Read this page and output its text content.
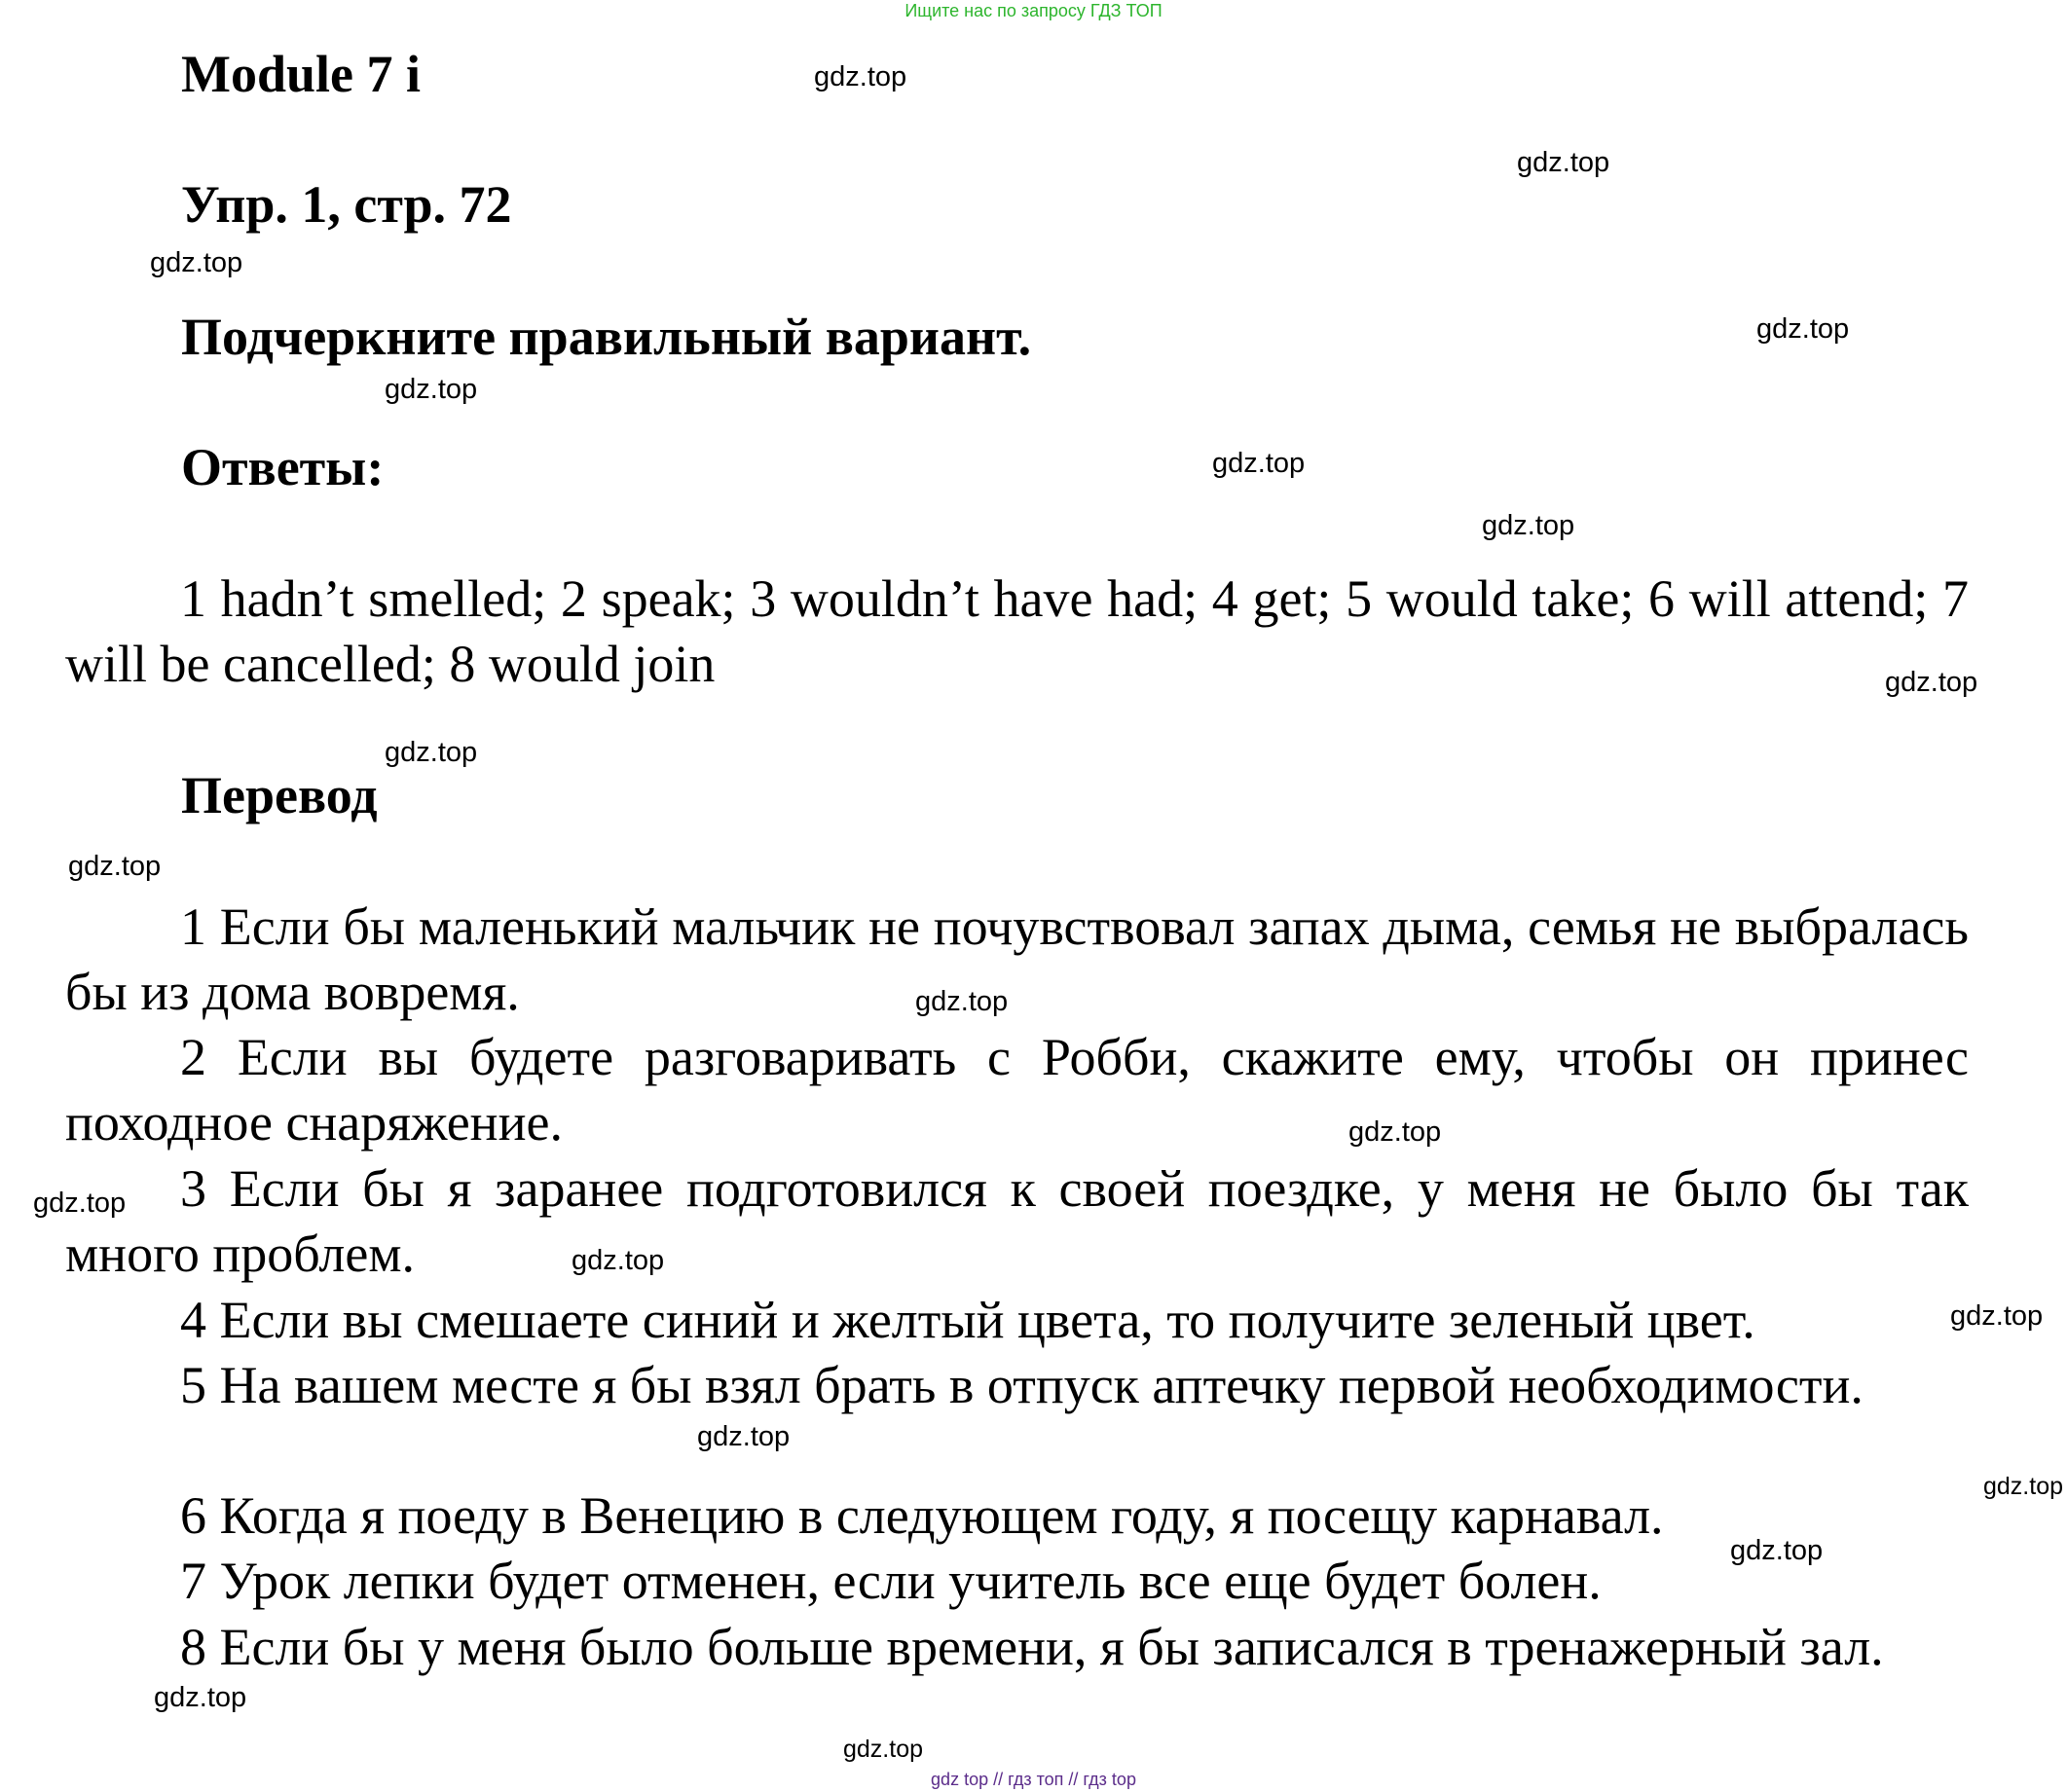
Ищите нас по запросу ГДЗ ТОП
Module 7 i
Упр. 1, стр. 72
Подчеркните правильный вариант.
Ответы:
1 hadn’t smelled; 2 speak; 3 wouldn’t have had; 4 get; 5 would take; 6 will attend; 7 will be cancelled; 8 would join
Перевод
1 Если бы маленький мальчик не почувствовал запах дыма, семья не выбралась бы из дома вовремя.
2 Если вы будете разговаривать с Робби, скажите ему, чтобы он принес походное снаряжение.
3 Если бы я заранее подготовился к своей поездке, у меня не было бы так много проблем.
4 Если вы смешаете синий и желтый цвета, то получите зеленый цвет.
5 На вашем месте я бы взял брать в отпуск аптечку первой необходимости.
6 Когда я поеду в Венецию в следующем году, я посещу карнавал.
7 Урок лепки будет отменен, если учитель все еще будет болен.
8 Если бы у меня было больше времени, я бы записался в тренажерный зал.
gdz.top
gdz.top
gdz.top
gdz.top
gdz.top
gdz.top
gdz.top
gdz.top
gdz.top
gdz.top
gdz.top
gdz.top
gdz.top
gdz.top
gdz.top
gdz.top
gdz.top
gdz.top
gdz.top
gdz.top
gdz top // гдз топ // гдз top
